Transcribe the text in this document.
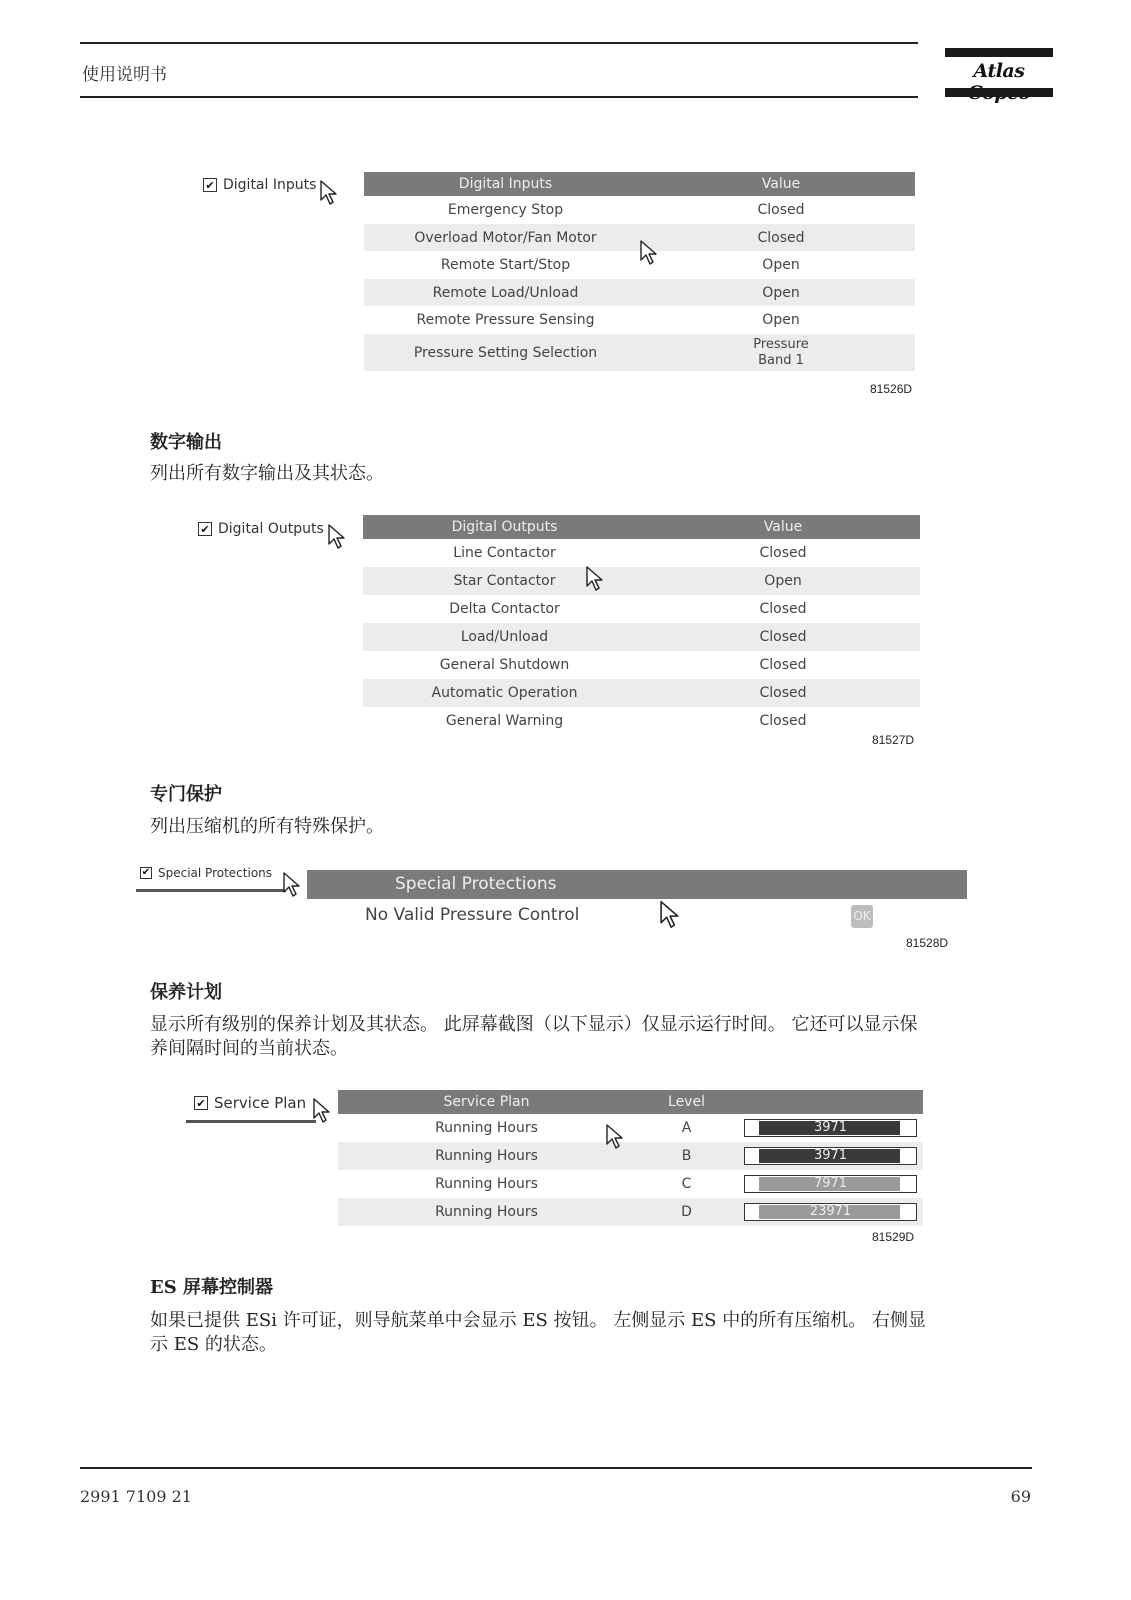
使用说明书	Atlas
✔ Digital Inputs	Digital Inputs	Value
Emergency Stop	Closed
Overload Motor/Fan Motor	Closed
Remote Start/Stop	Open
Remote Load/Unload	Open
Remote Pressure Sensing	Open
Pressure Setting Selection	Pressure
Band 1
81526D
数字输出
列出所有数字输出及其状态。
✔ Digital Outputs	Digital Outputs	Value
Line Contactor	Closed
Star Contactor	Open
Delta Contactor	Closed
Load/Unload	Closed
General Shutdown	Closed
Automatic Operation	Closed
General Warning	Closed
81527D
专门保护
列出压缩机的所有特殊保护。
✔ Special Protections
Special Protections
No Valid Pressure Control	OK
81528D
保养计划
显示所有级别的保养计划及其状态。 此屏幕截图（以下显示）仅显示运行时间。 它还可以显示保
养间隔时间的当前状态。
✔ Service Plan	Service Plan	Level	
Running Hours	A	3971

Running Hours	B	3971

Running Hours	C	7971

Running Hours	D	23971
81529D
ES 屏幕控制器
如果已提供 ESi 许可证，则导航菜单中会显示 ES 按钮。 左侧显示 ES 中的所有压缩机。 右侧显
示 ES 的状态。
2991 7109 21	69
